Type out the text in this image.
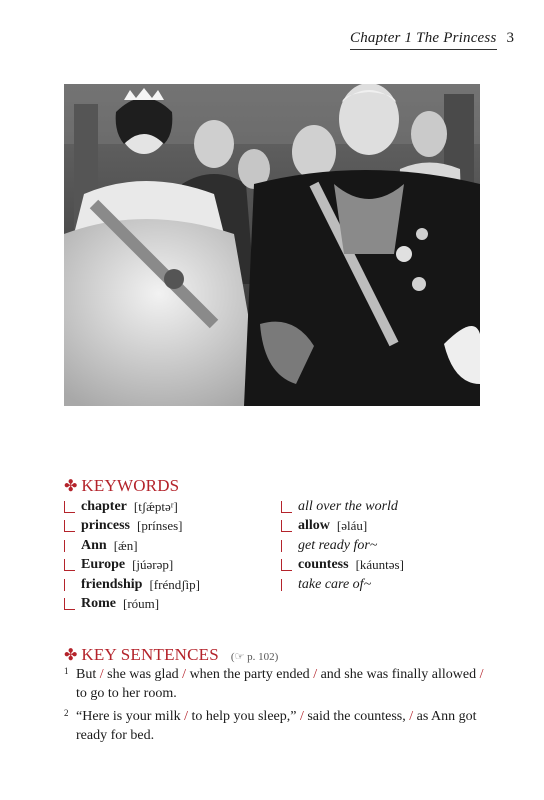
Chapter 1 The Princess 3
✤ KEYWORDS
chapter [tʃǽptəʳ]
princess [prínses]
Ann [ǽn]
Europe [júərəp]
friendship [fréndʃìp]
Rome [róum]
all over the world
allow [əláu]
get ready for~
countess [káuntəs]
take care of~
✤ KEY SENTENCES (☞ p. 102)
1 But / she was glad / when the party ended / and she was finally allowed / to go to her room.
2 “Here is your milk / to help you sleep,” / said the countess, / as Ann got ready for bed.
